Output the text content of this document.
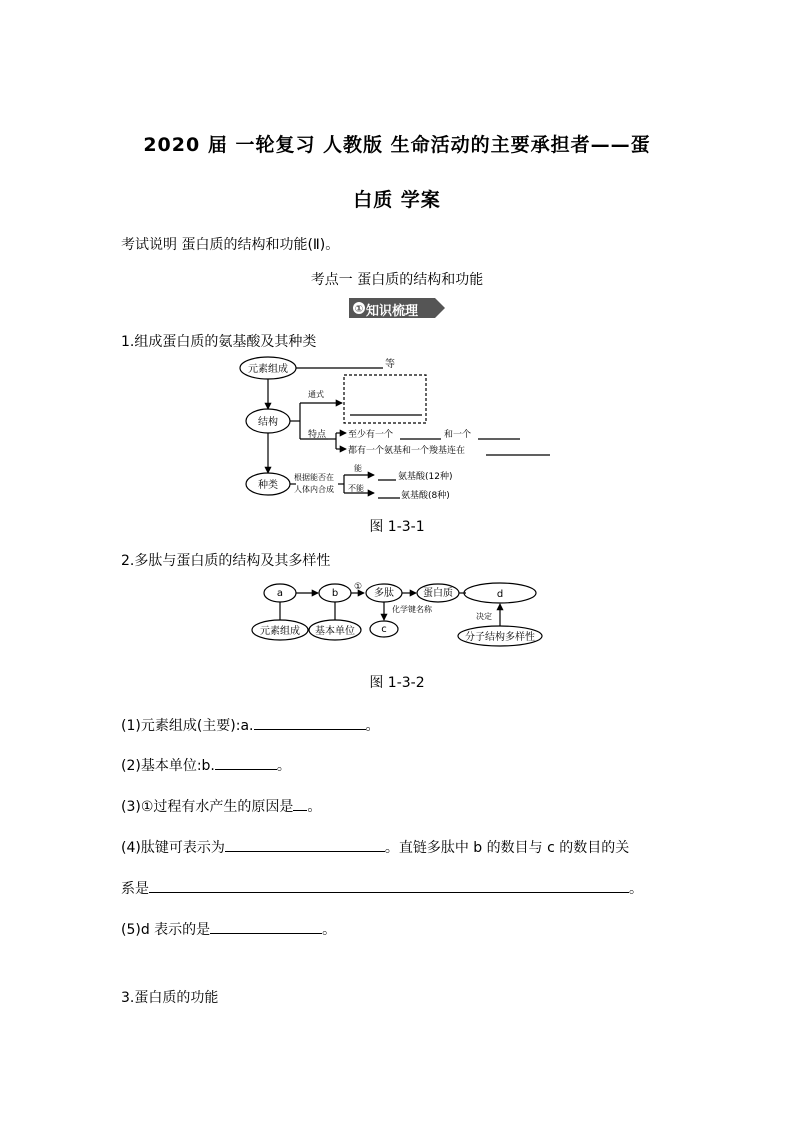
2020 届 一轮复习 人教版 生命活动的主要承担者——蛋
白质 学案
考试说明 蛋白质的结构和功能(Ⅱ)。
考点一 蛋白质的结构和功能
① 知识梳理
1.组成蛋白质的氨基酸及其种类
元素组成	等
结构
种类
通式
特点 至少有一个	和一个
都有一个氨基和一个羧基连在
根据能否在
人体内合成
能
不能
氨基酸(12种)
氨基酸(8种)
图 1-3-1
2.多肽与蛋白质的结构及其多样性
a	b
①
多肽	蛋白质	d
化学键名称
c
决定
元素组成 基本单位
分子结构多样性
图 1-3-2
(1)元素组成(主要):a.	。
(2)基本单位:b.	。
(3)①过程有水产生的原因是 。
(4)肽键可表示为	。直链多肽中 b 的数目与 c 的数目的关
系是	。
(5)d 表示的是	。
3.蛋白质的功能
